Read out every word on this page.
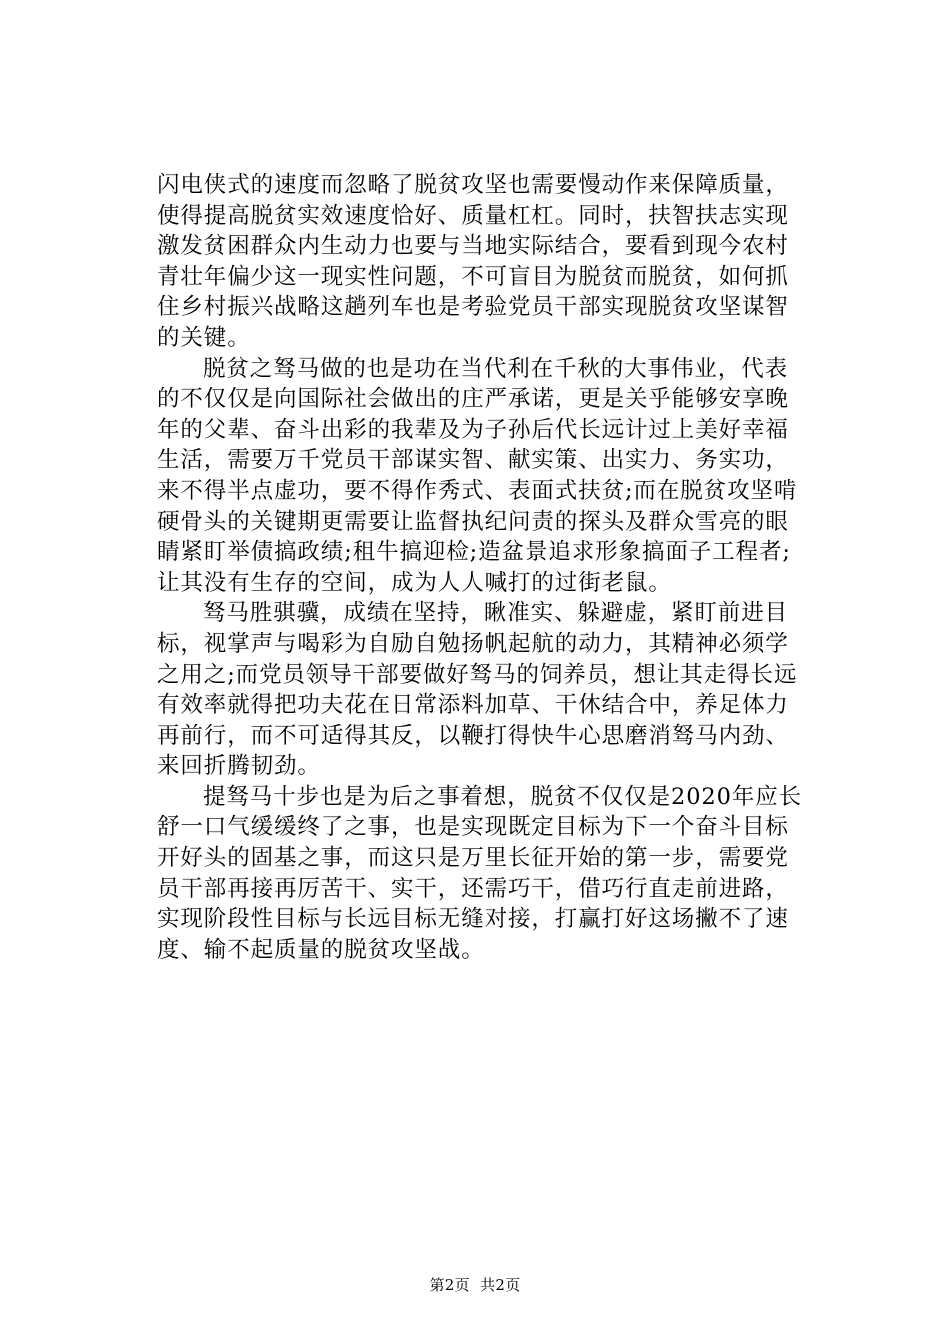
闪电侠式的速度而忽略了脱贫攻坚也需要慢动作来保障质量，
使得提高脱贫实效速度恰好、质量杠杠。同时，扶智扶志实现
激发贫困群众内生动力也要与当地实际结合，要看到现今农村
青壮年偏少这一现实性问题，不可盲目为脱贫而脱贫，如何抓
住乡村振兴战略这趟列车也是考验党员干部实现脱贫攻坚谋智
的关键。

脱贫之驽马做的也是功在当代利在千秋的大事伟业，代表
的不仅仅是向国际社会做出的庄严承诺，更是关乎能够安享晚
年的父辈、奋斗出彩的我辈及为子孙后代长远计过上美好幸福
生活，需要万千党员干部谋实智、献实策、出实力、务实功，
来不得半点虚功，要不得作秀式、表面式扶贫;而在脱贫攻坚啃
硬骨头的关键期更需要让监督执纪问责的探头及群众雪亮的眼
睛紧盯举债搞政绩;租牛搞迎检;造盆景追求形象搞面子工程者;
让其没有生存的空间，成为人人喊打的过街老鼠。

驽马胜骐骥，成绩在坚持，瞅准实、躲避虚，紧盯前进目
标，视掌声与喝彩为自励自勉扬帆起航的动力，其精神必须学
之用之;而党员领导干部要做好驽马的饲养员，想让其走得长远
有效率就得把功夫花在日常添料加草、干休结合中，养足体力
再前行，而不可适得其反，以鞭打得快牛心思磨消驽马内劲、
来回折腾韧劲。

提驽马十步也是为后之事着想，脱贫不仅仅是2020年应长
舒一口气缓缓终了之事，也是实现既定目标为下一个奋斗目标
开好头的固基之事，而这只是万里长征开始的第一步，需要党
员干部再接再厉苦干、实干，还需巧干，借巧行直走前进路，
实现阶段性目标与长远目标无缝对接，打赢打好这场撇不了速
度、输不起质量的脱贫攻坚战。

第2页  共2页
